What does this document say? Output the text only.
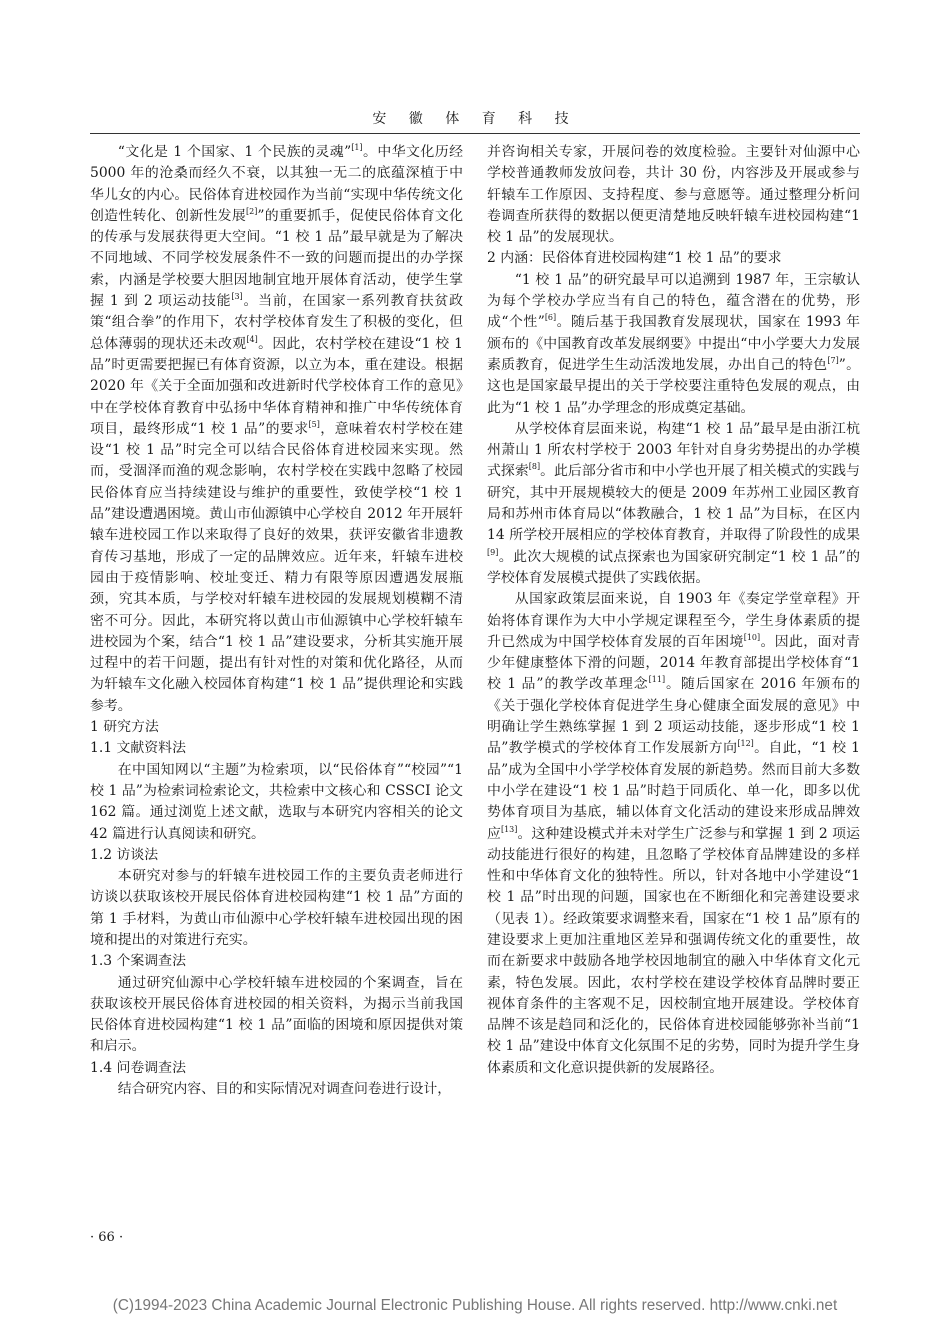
安 徽 体 育 科 技

“文化是 1 个国家、1 个民族的灵魂”[1]。中华文化历经 5000 年的沧桑而经久不衰，以其独一无二的底蕴深植于中华儿女的内心。民俗体育进校园作为当前“实现中华传统文化创造性转化、创新性发展[2]”的重要抓手，促使民俗体育文化的传承与发展获得更大空间。“1 校 1 品”最早就是为了解决不同地域、不同学校发展条件不一致的问题而提出的办学探索，内涵是学校要大胆因地制宜地开展体育活动，使学生掌握 1 到 2 项运动技能[3]。当前，在国家一系列教育扶贫政策“组合拳”的作用下，农村学校体育发生了积极的变化，但总体薄弱的现状还未改观[4]。因此，农村学校在建设“1 校 1 品”时更需要把握已有体育资源，以立为本，重在建设。根据 2020 年《关于全面加强和改进新时代学校体育工作的意见》中在学校体育教育中弘扬中华体育精神和推广中华传统体育项目，最终形成“1 校 1 品”的要求[5]，意味着农村学校在建设“1 校 1 品”时完全可以结合民俗体育进校园来实现。然而，受涸泽而渔的观念影响，农村学校在实践中忽略了校园民俗体育应当持续建设与维护的重要性，致使学校“1 校 1 品”建设遭遇困境。黄山市仙源镇中心学校自 2012 年开展轩辕车进校园工作以来取得了良好的效果，获评安徽省非遗教育传习基地，形成了一定的品牌效应。近年来，轩辕车进校园由于疫情影响、校址变迁、精力有限等原因遭遇发展瓶颈，究其本质，与学校对轩辕车进校园的发展规划模糊不清密不可分。因此，本研究将以黄山市仙源镇中心学校轩辕车进校园为个案，结合“1 校 1 品”建设要求，分析其实施开展过程中的若干问题，提出有针对性的对策和优化路径，从而为轩辕车文化融入校园体育构建“1 校 1 品”提供理论和实践参考。

1 研究方法
1.1 文献资料法

在中国知网以“主题”为检索项，以“民俗体育”“校园”“1 校 1 品”为检索词检索论文，共检索中文核心和 CSSCI 论文 162 篇。通过浏览上述文献，选取与本研究内容相关的论文 42 篇进行认真阅读和研究。

1.2 访谈法

本研究对参与的轩辕车进校园工作的主要负责老师进行访谈以获取该校开展民俗体育进校园构建“1 校 1 品”方面的第 1 手材料，为黄山市仙源中心学校轩辕车进校园出现的困境和提出的对策进行充实。

1.3 个案调查法

通过研究仙源中心学校轩辕车进校园的个案调查，旨在获取该校开展民俗体育进校园的相关资料，为揭示当前我国民俗体育进校园构建“1 校 1 品”面临的困境和原因提供对策和启示。

1.4 问卷调查法

结合研究内容、目的和实际情况对调查问卷进行设计，

并咨询相关专家，开展问卷的效度检验。主要针对仙源中心学校普通教师发放问卷，共计 30 份，内容涉及开展或参与轩辕车工作原因、支持程度、参与意愿等。通过整理分析问卷调查所获得的数据以便更清楚地反映轩辕车进校园构建“1 校 1 品”的发展现状。

2 内涵：民俗体育进校园构建“1 校 1 品”的要求

“1 校 1 品”的研究最早可以追溯到 1987 年，王宗敏认为每个学校办学应当有自己的特色，蕴含潜在的优势，形成“个性”[6]。随后基于我国教育发展现状，国家在 1993 年颁布的《中国教育改革发展纲要》中提出“中小学要大力发展素质教育，促进学生生动活泼地发展，办出自己的特色[7]”。这也是国家最早提出的关于学校要注重特色发展的观点，由此为“1 校 1 品”办学理念的形成奠定基础。

从学校体育层面来说，构建“1 校 1 品”最早是由浙江杭州萧山 1 所农村学校于 2003 年针对自身劣势提出的办学模式探索[8]。此后部分省市和中小学也开展了相关模式的实践与研究，其中开展规模较大的便是 2009 年苏州工业园区教育局和苏州市体育局以“体教融合，1 校 1 品”为目标，在区内 14 所学校开展相应的学校体育教育，并取得了阶段性的成果[9]。此次大规模的试点探索也为国家研究制定“1 校 1 品”的学校体育发展模式提供了实践依据。

从国家政策层面来说，自 1903 年《奏定学堂章程》开始将体育课作为大中小学规定课程至今，学生身体素质的提升已然成为中国学校体育发展的百年困境[10]。因此，面对青少年健康整体下滑的问题，2014 年教育部提出学校体育“1 校 1 品”的教学改革理念[11]。随后国家在 2016 年颁布的《关于强化学校体育促进学生身心健康全面发展的意见》中明确让学生熟练掌握 1 到 2 项运动技能，逐步形成“1 校 1 品”教学模式的学校体育工作发展新方向[12]。自此，“1 校 1 品”成为全国中小学学校体育发展的新趋势。然而目前大多数中小学在建设“1 校 1 品”时趋于同质化、单一化，即多以优势体育项目为基底，辅以体育文化活动的建设来形成品牌效应[13]。这种建设模式并未对学生广泛参与和掌握 1 到 2 项运动技能进行很好的构建，且忽略了学校体育品牌建设的多样性和中华体育文化的独特性。所以，针对各地中小学建设“1 校 1 品”时出现的问题，国家也在不断细化和完善建设要求（见表 1）。经政策要求调整来看，国家在“1 校 1 品”原有的建设要求上更加注重地区差异和强调传统文化的重要性，故而在新要求中鼓励各地学校因地制宜的融入中华体育文化元素，特色发展。因此，农村学校在建设学校体育品牌时要正视体育条件的主客观不足，因校制宜地开展建设。学校体育品牌不该是趋同和泛化的，民俗体育进校园能够弥补当前“1 校 1 品”建设中体育文化氛围不足的劣势，同时为提升学生身体素质和文化意识提供新的发展路径。

· 66 ·
(C)1994-2023 China Academic Journal Electronic Publishing House. All rights reserved. http://www.cnki.net
